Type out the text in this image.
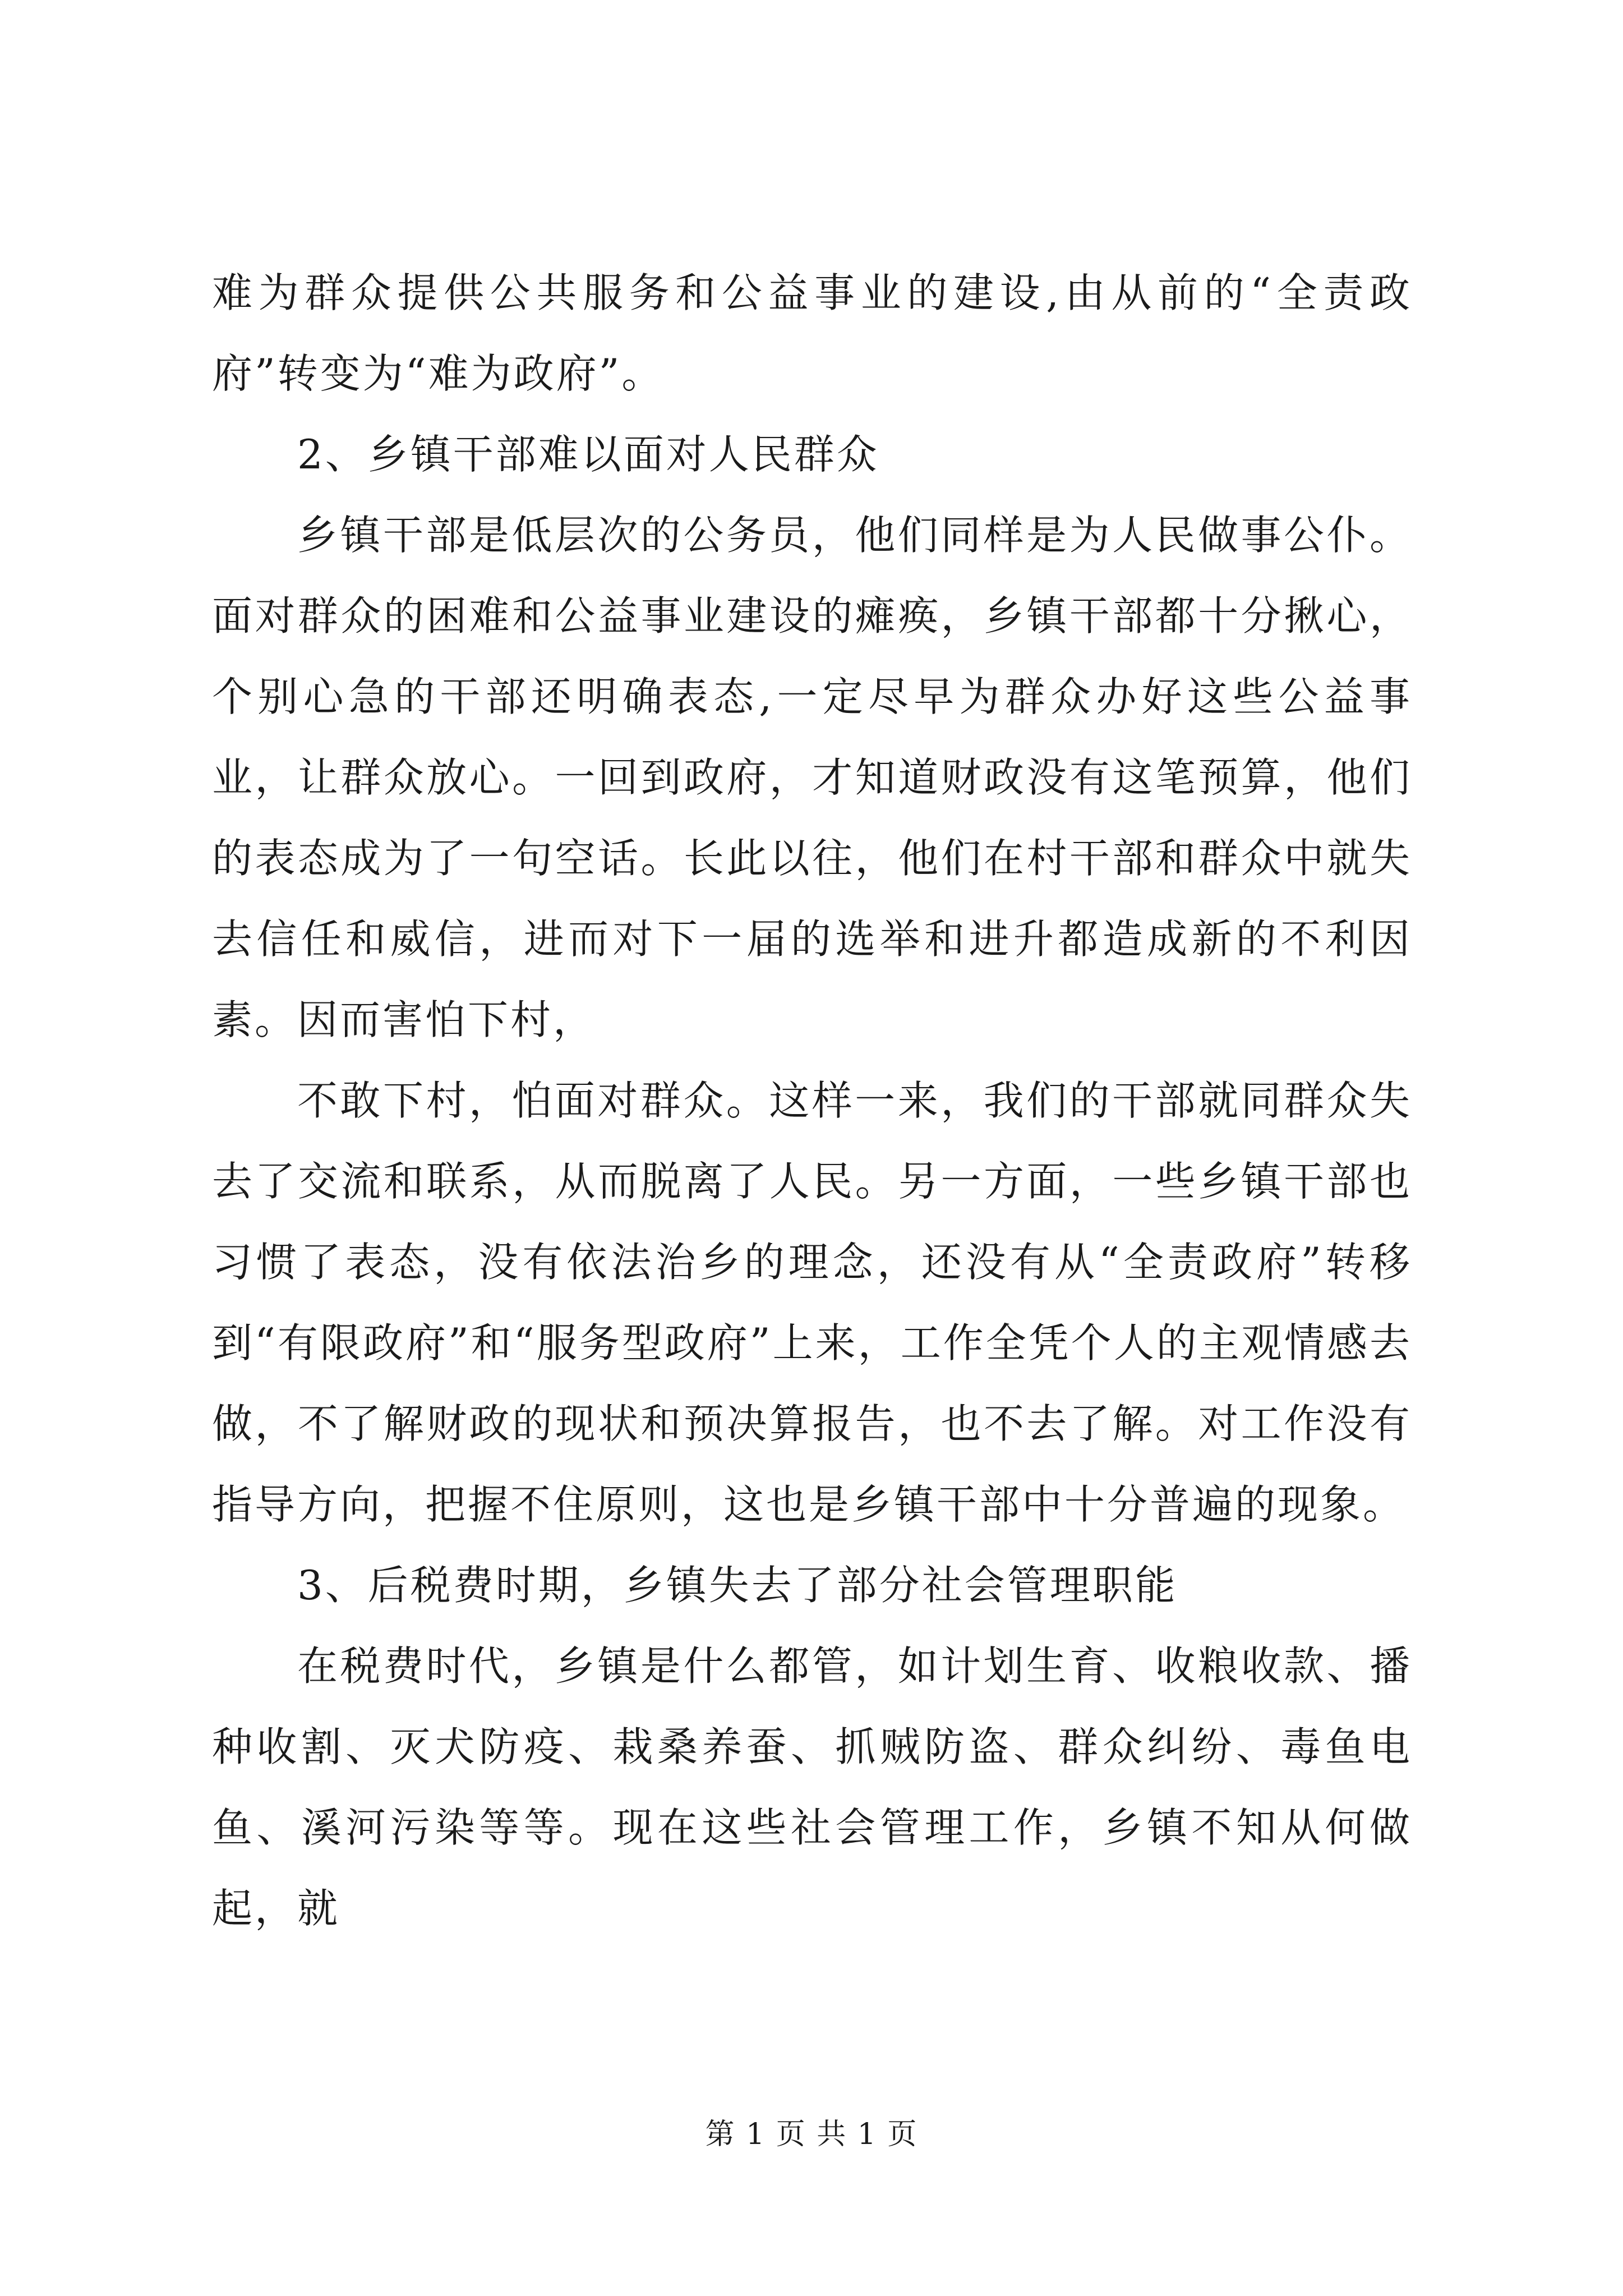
难为群众提供公共服务和公益事业的建设,由从前的“全责政府”转变为“难为政府”。

2、乡镇干部难以面对人民群众

乡镇干部是低层次的公务员，他们同样是为人民做事公仆。面对群众的困难和公益事业建设的瘫痪，乡镇干部都十分揪心，个别心急的干部还明确表态,一定尽早为群众办好这些公益事业，让群众放心。一回到政府，才知道财政没有这笔预算，他们的表态成为了一句空话。长此以往，他们在村干部和群众中就失去信任和威信，进而对下一届的选举和进升都造成新的不利因素。因而害怕下村，

不敢下村，怕面对群众。这样一来，我们的干部就同群众失去了交流和联系，从而脱离了人民。另一方面，一些乡镇干部也习惯了表态，没有依法治乡的理念，还没有从“全责政府”转移到“有限政府”和“服务型政府”上来，工作全凭个人的主观情感去做，不了解财政的现状和预决算报告，也不去了解。对工作没有指导方向，把握不住原则，这也是乡镇干部中十分普遍的现象。

3、后税费时期，乡镇失去了部分社会管理职能

在税费时代，乡镇是什么都管，如计划生育、收粮收款、播种收割、灭犬防疫、栽桑养蚕、抓贼防盗、群众纠纷、毒鱼电鱼、溪河污染等等。现在这些社会管理工作，乡镇不知从何做起，就

第 1 页 共 1 页
